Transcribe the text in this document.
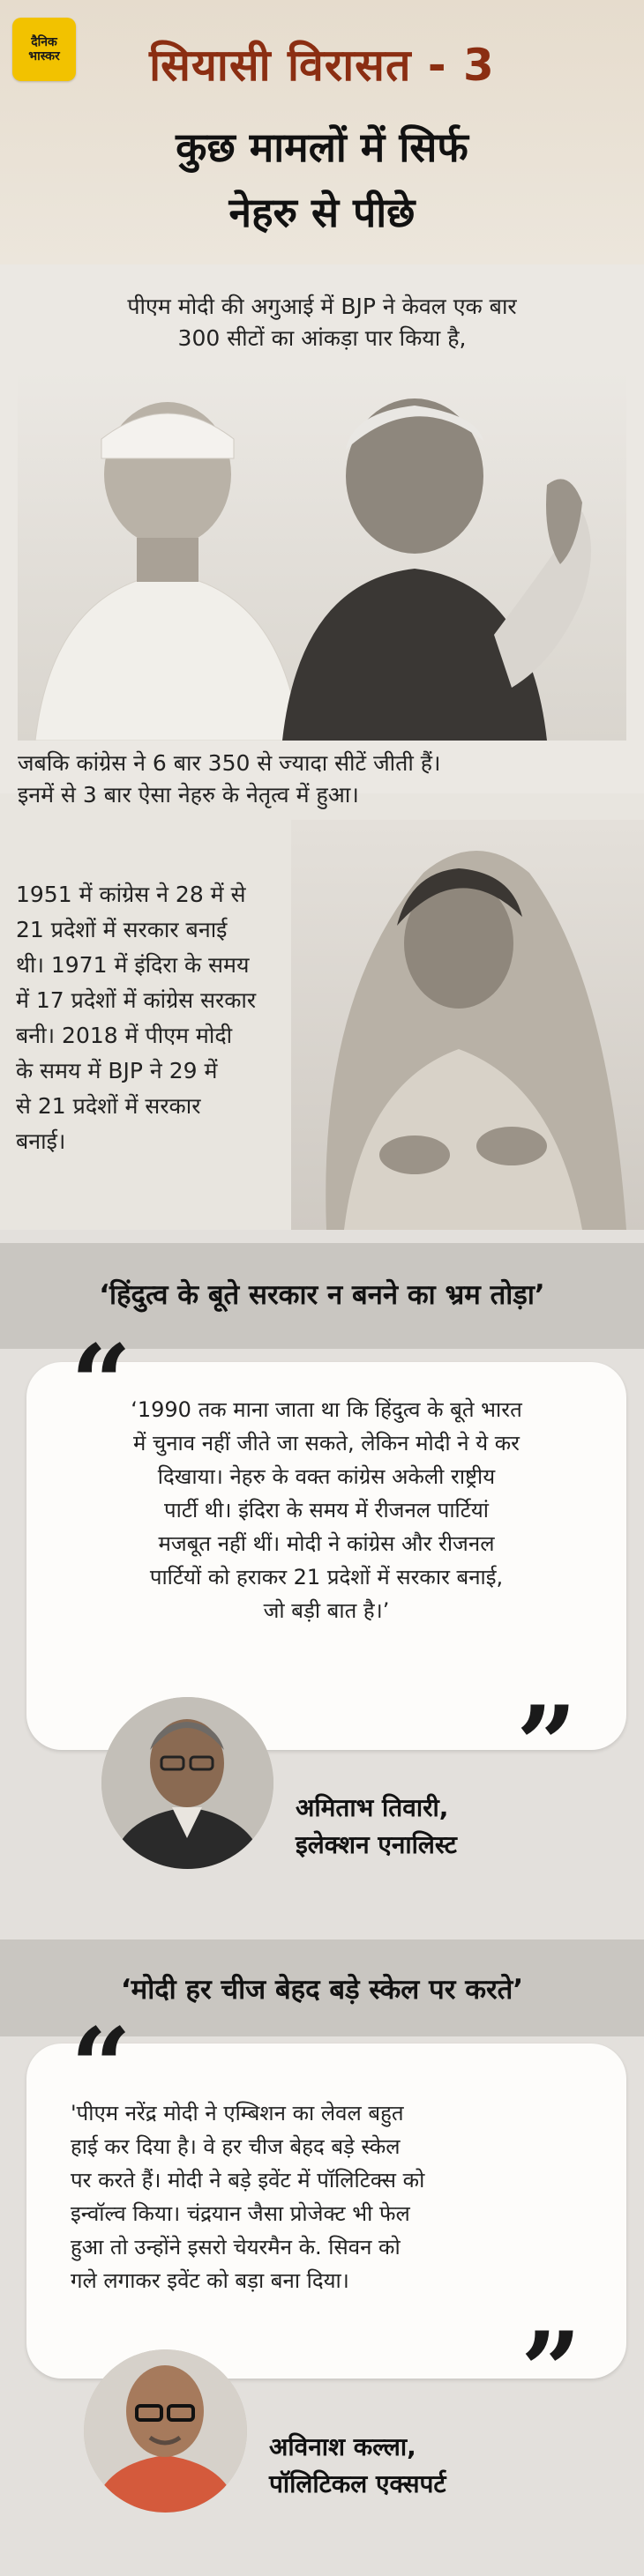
दैनिक
भास्कर	सियासी विरासत - 3
कुछ मामलों में सिर्फ
नेहरु से पीछे
पीएम मोदी की अगुआई में BJP ने केवल एक बार
300 सीटों का आंकड़ा पार किया है,
जबकि कांग्रेस ने 6 बार 350 से ज्यादा सीटें जीती हैं।
इनमें से 3 बार ऐसा नेहरु के नेतृत्व में हुआ।
1951 में कांग्रेस ने 28 में से
21 प्रदेशों में सरकार बनाई
थी। 1971 में इंदिरा के समय
में 17 प्रदेशों में कांग्रेस सरकार
बनी। 2018 में पीएम मोदी
के समय में BJP ने 29 में
से 21 प्रदेशों में सरकार
बनाई।
‘हिंदुत्व के बूते सरकार न बनने का भ्रम तोड़ा’
“ ‘1990 तक माना जाता था कि हिंदुत्व के बूते भारत
में चुनाव नहीं जीते जा सकते, लेकिन मोदी ने ये कर
दिखाया। नेहरु के वक्त कांग्रेस अकेली राष्ट्रीय
पार्टी थी। इंदिरा के समय में रीजनल पार्टियां
मजबूत नहीं थीं। मोदी ने कांग्रेस और रीजनल
पार्टियों को हराकर 21 प्रदेशों में सरकार बनाई,
जो बड़ी बात है।’
”
अमिताभ तिवारी,
इलेक्शन एनालिस्ट
‘मोदी हर चीज बेहद बड़े स्केल पर करते’
“
'पीएम नरेंद्र मोदी ने एम्बिशन का लेवल बहुत
हाई कर दिया है। वे हर चीज बेहद बड़े स्केल
पर करते हैं। मोदी ने बड़े इवेंट में पॉलिटिक्स को
इन्वॉल्व किया। चंद्रयान जैसा प्रोजेक्ट भी फेल
हुआ तो उन्होंने इसरो चेयरमैन के. सिवन को
गले लगाकर इवेंट को बड़ा बना दिया।
”
अविनाश कल्ला,
पॉलिटिकल एक्सपर्ट
